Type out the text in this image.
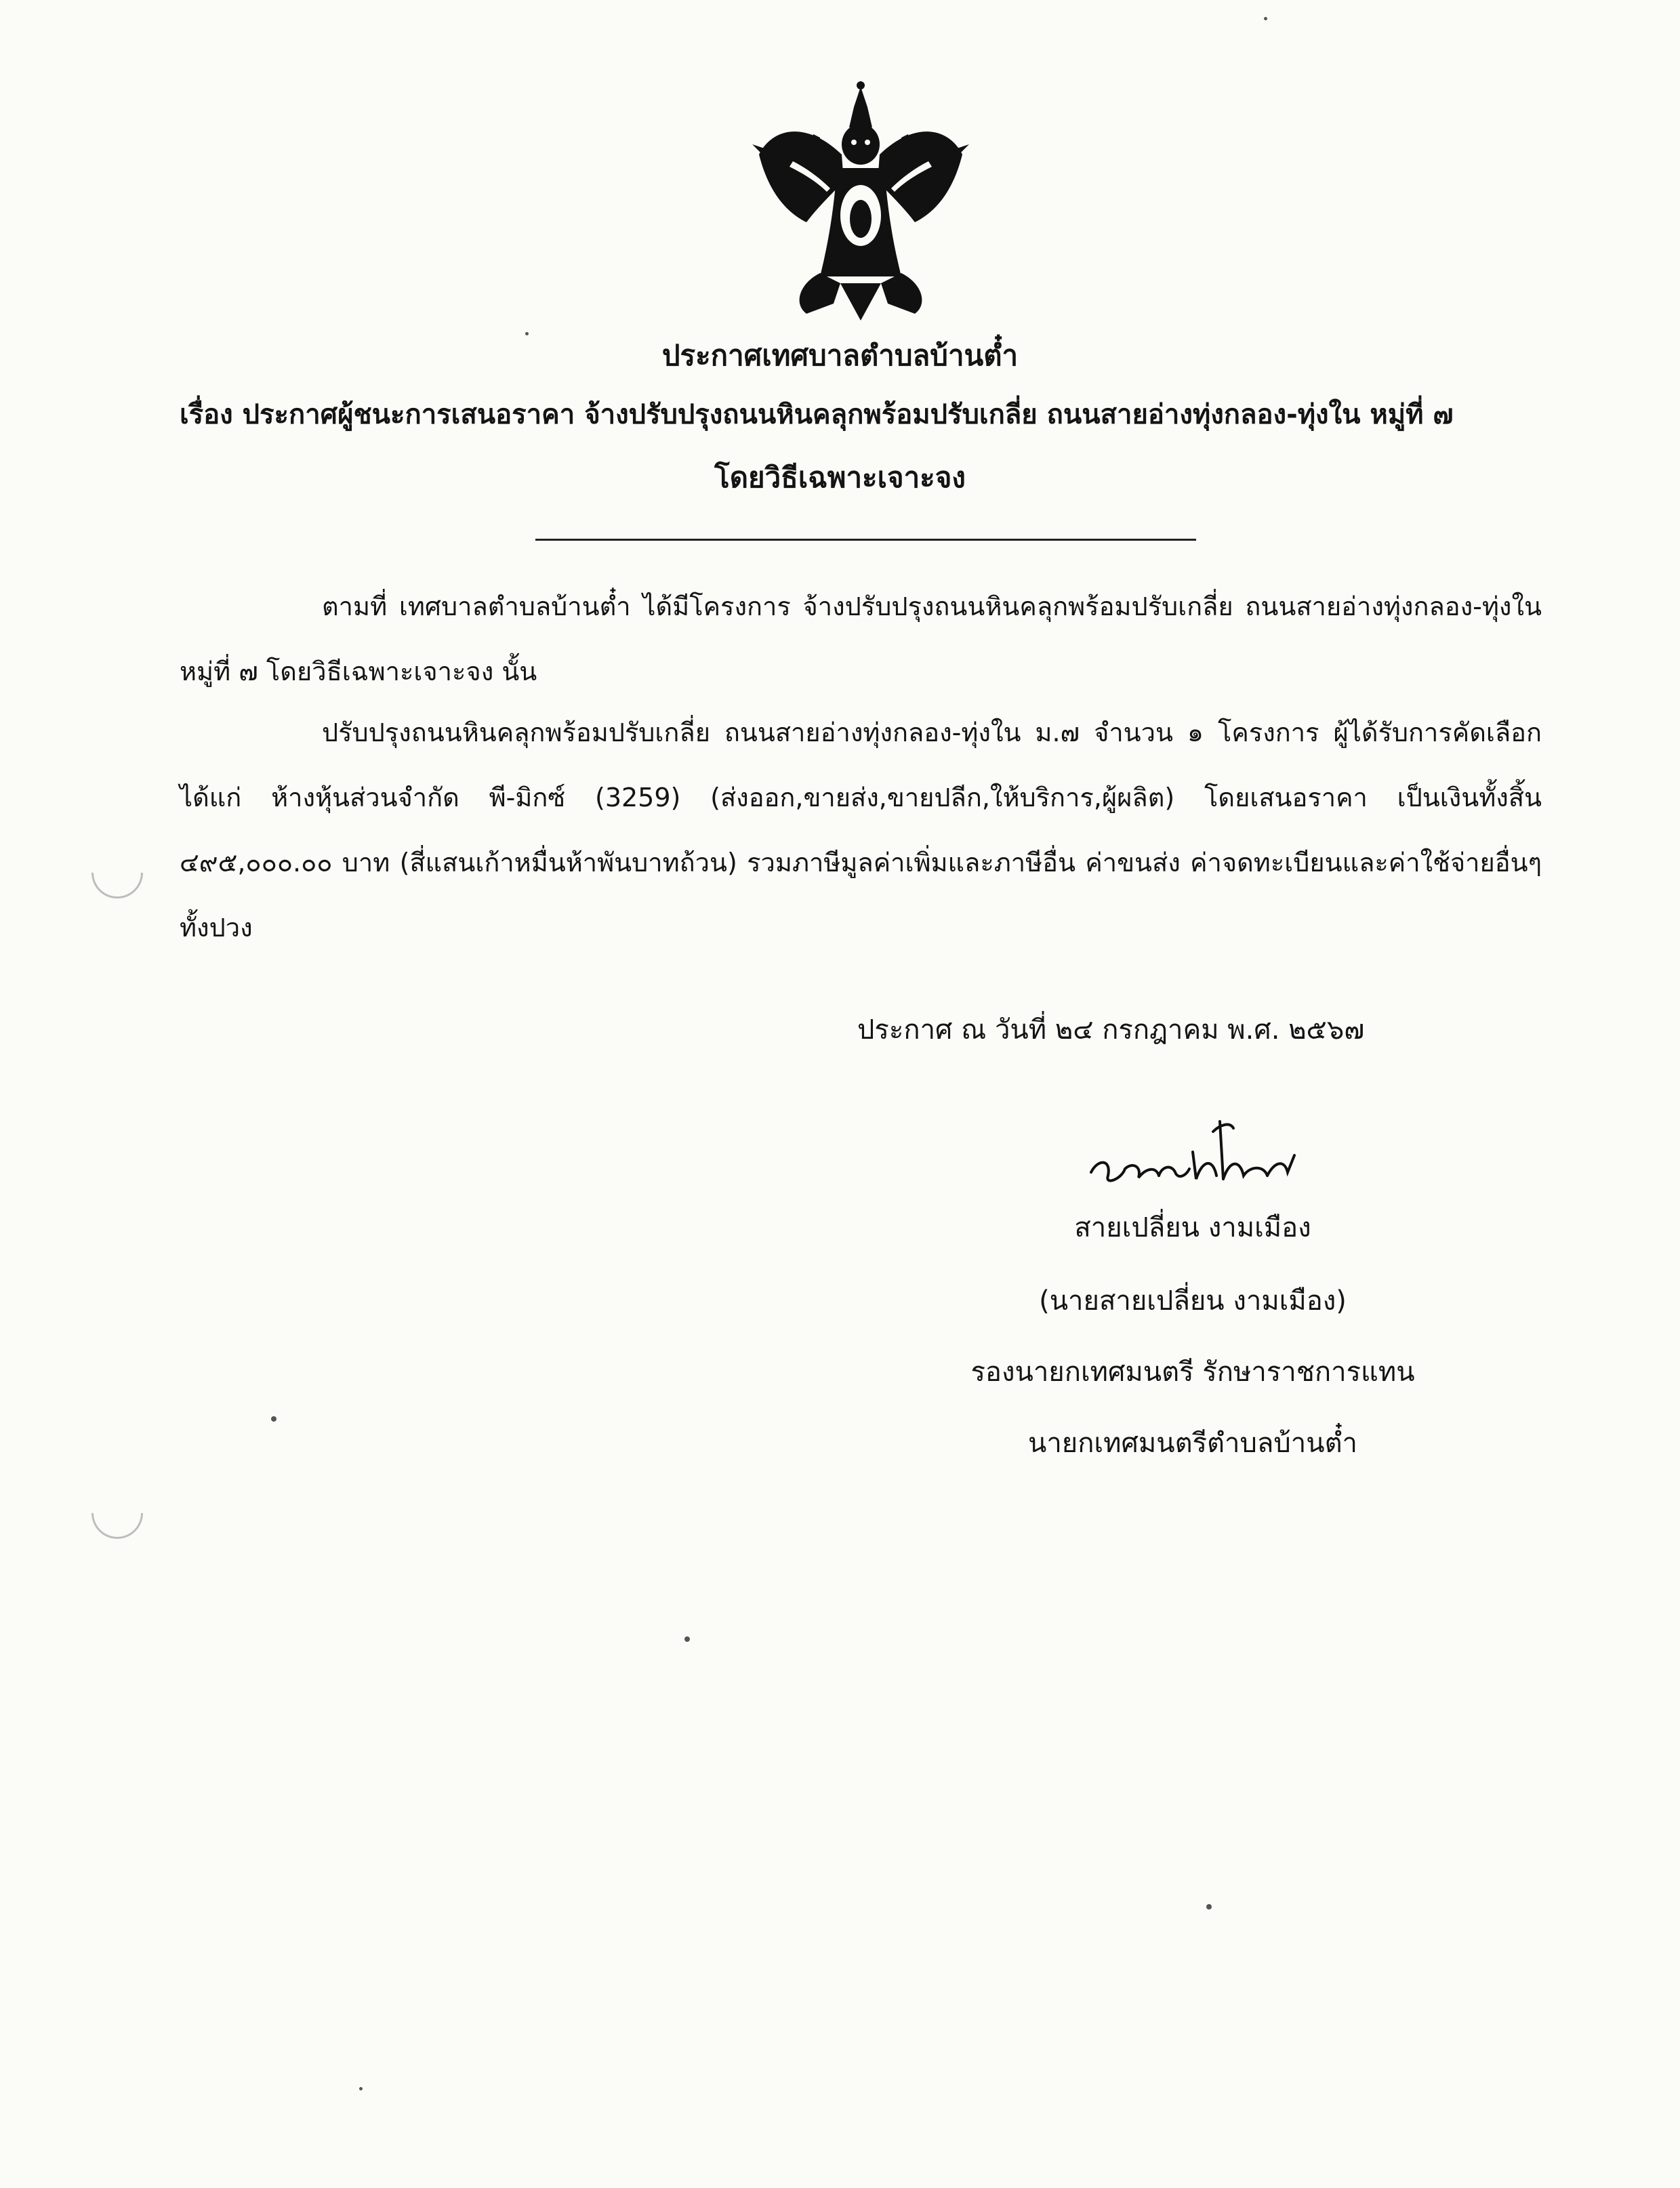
ประกาศเทศบาลตำบลบ้านต๋ำ
เรื่อง ประกาศผู้ชนะการเสนอราคา จ้างปรับปรุงถนนหินคลุกพร้อมปรับเกลี่ย ถนนสายอ่างทุ่งกลอง-ทุ่งใน หมู่ที่ ๗
โดยวิธีเฉพาะเจาะจง
ตามที่ เทศบาลตำบลบ้านต๋ำ ได้มีโครงการ จ้างปรับปรุงถนนหินคลุกพร้อมปรับเกลี่ย ถนนสายอ่างทุ่งกลอง-ทุ่งใน หมู่ที่ ๗ โดยวิธีเฉพาะเจาะจง นั้น
ปรับปรุงถนนหินคลุกพร้อมปรับเกลี่ย ถนนสายอ่างทุ่งกลอง-ทุ่งใน ม.๗ จำนวน ๑ โครงการ ผู้ได้รับการคัดเลือก ได้แก่ ห้างหุ้นส่วนจำกัด พี-มิกซ์ (3259) (ส่งออก,ขายส่ง,ขายปลีก,ให้บริการ,ผู้ผลิต) โดยเสนอราคา เป็นเงินทั้งสิ้น ๔๙๕,๐๐๐.๐๐ บาท (สี่แสนเก้าหมื่นห้าพันบาทถ้วน) รวมภาษีมูลค่าเพิ่มและภาษีอื่น ค่าขนส่ง ค่าจดทะเบียนและค่าใช้จ่ายอื่นๆ ทั้งปวง
ประกาศ ณ วันที่ ๒๔ กรกฎาคม พ.ศ. ๒๕๖๗
สายเปลี่ยน งามเมือง
(นายสายเปลี่ยน งามเมือง)
รองนายกเทศมนตรี รักษาราชการแทน
นายกเทศมนตรีตำบลบ้านต๋ำ
